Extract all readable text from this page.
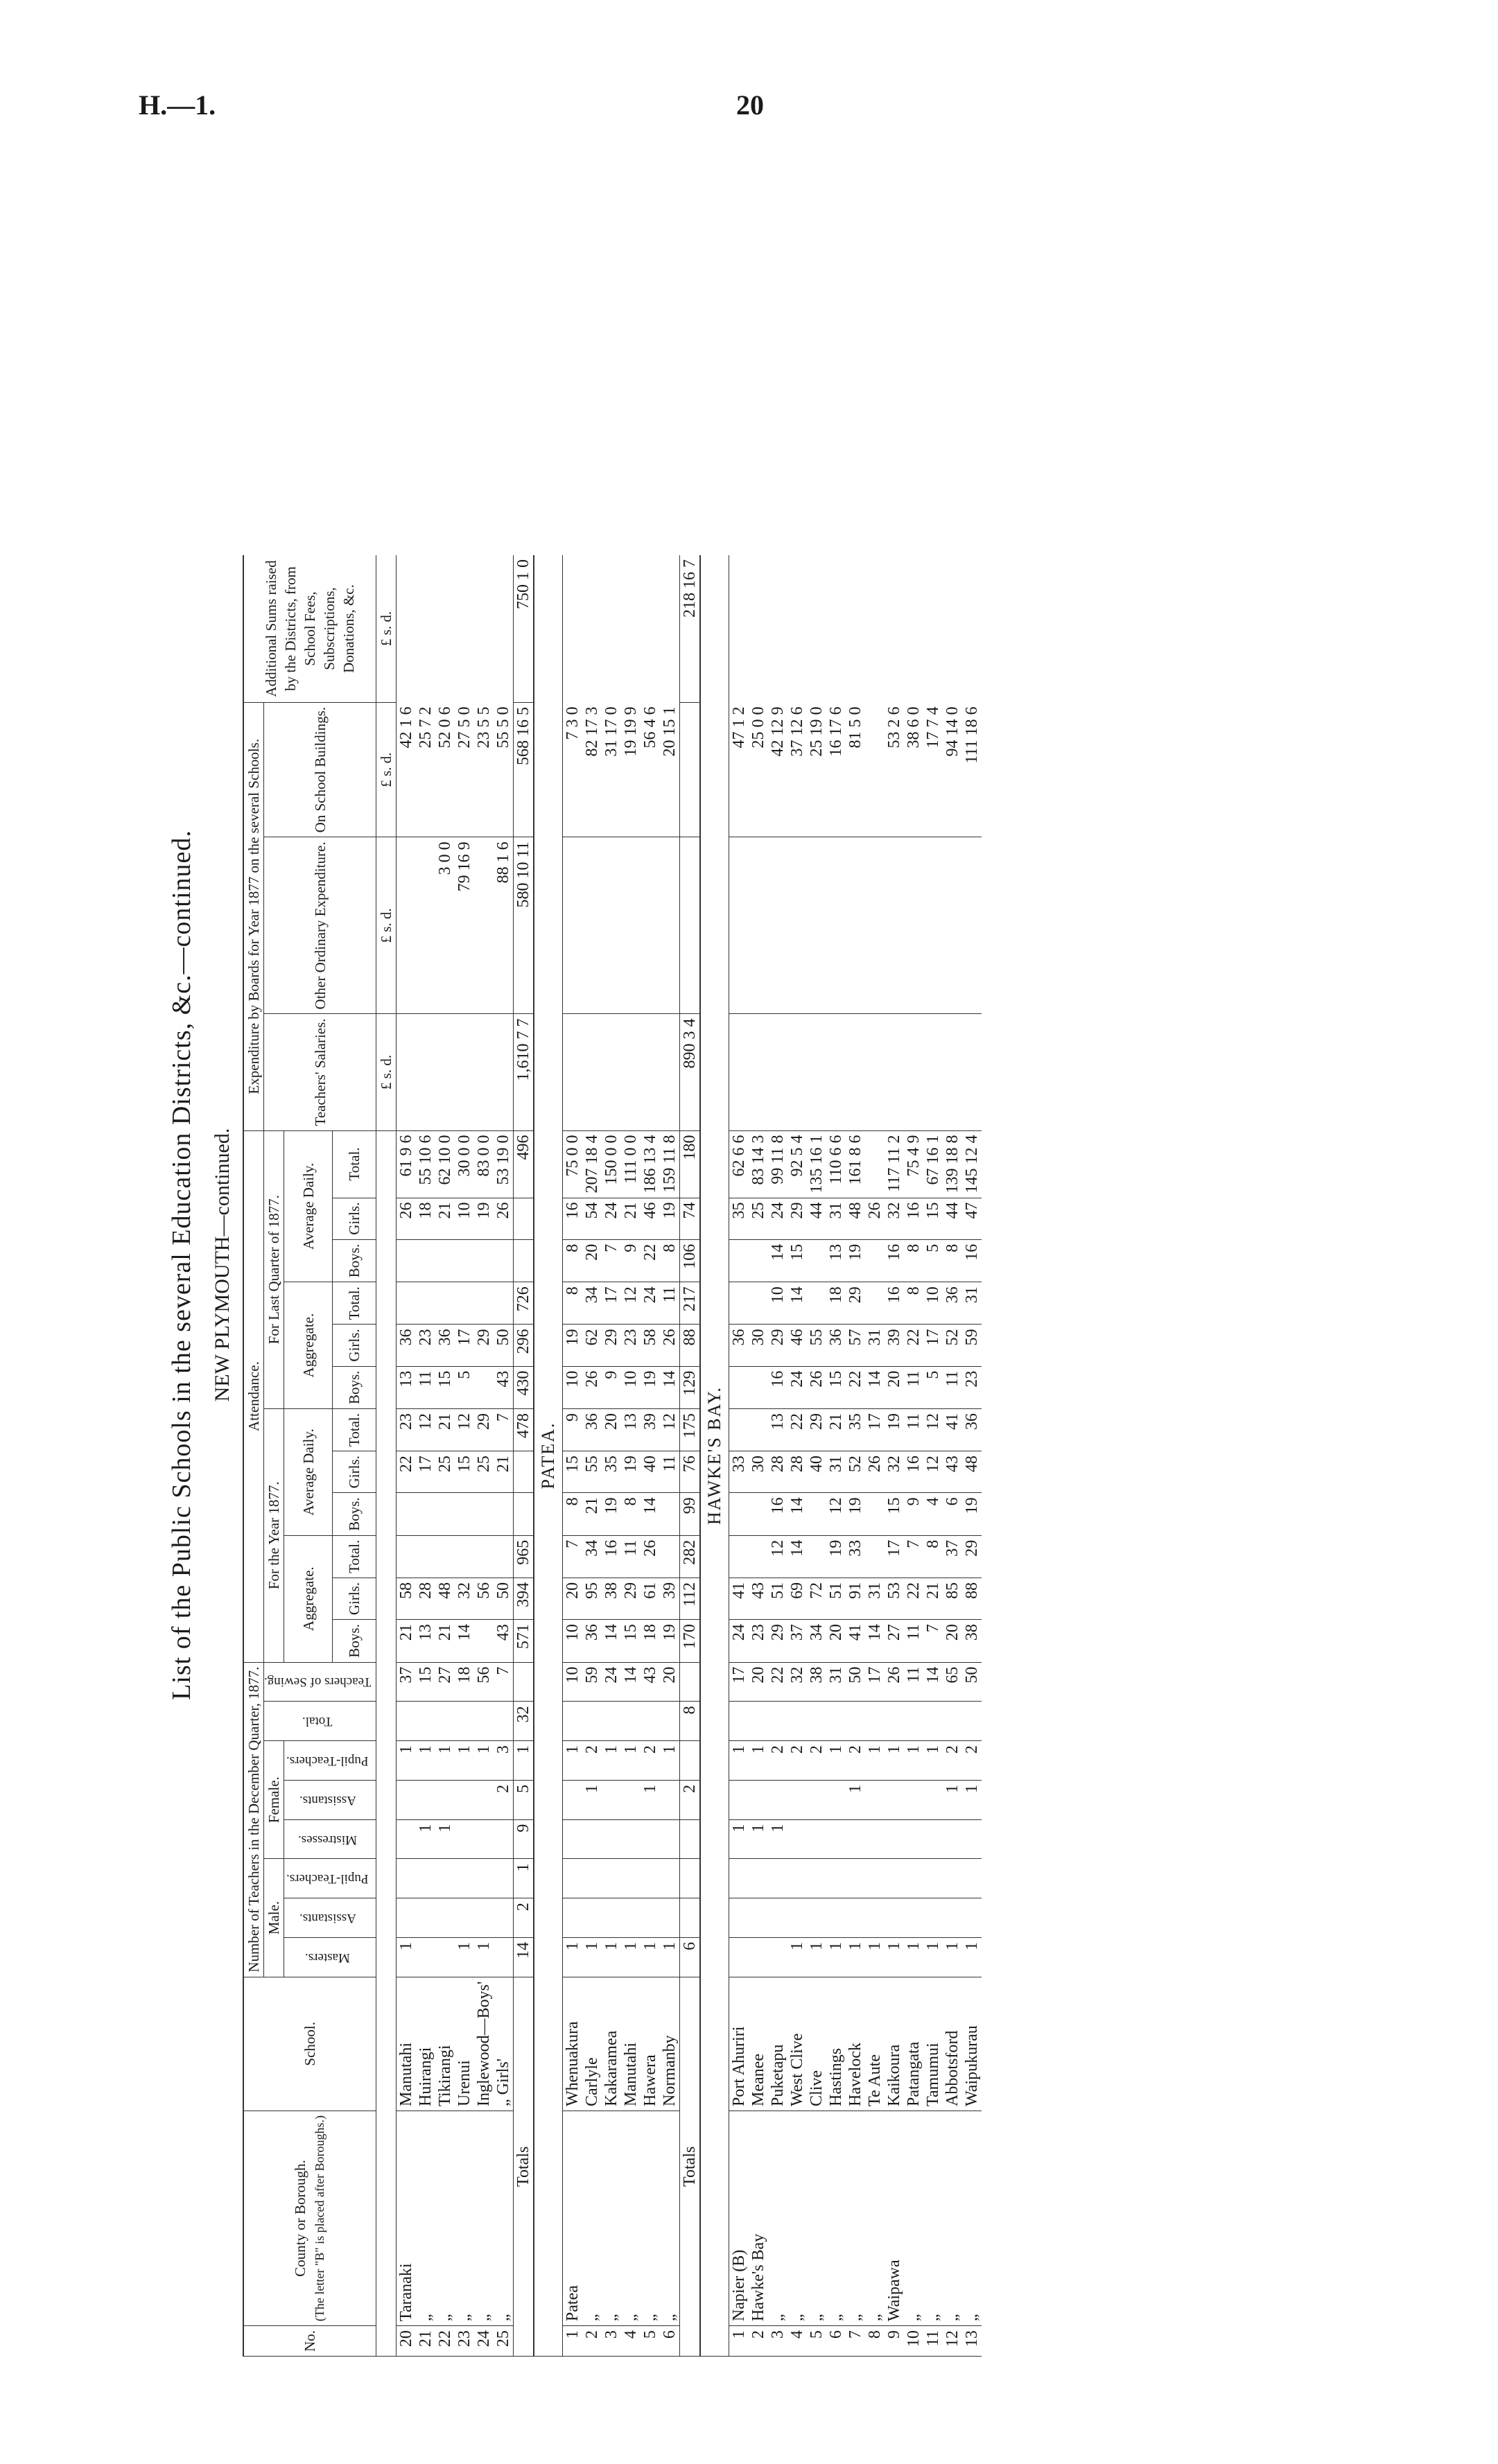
H.—1.	20
List of the Public Schools in the several Education Districts, &c.—continued. NEW PLYMOUTH—continued.
No.	County or Borough. (The letter "B" is placed after Boroughs.)	School.	Number of Teachers in the December Quarter, 1877.								Attendance.												Expenditure by Boards for Year 1877 on the several Schools.			Additional Sums raised by the Districts, from School Fees, Subscriptions, Donations, &c.
			Male.			Female.			Total.	Teachers of Sewing.	For the Year 1877.						For Last Quarter of 1877.						Teachers' Salaries.	Other Ordinary Expenditure.	On School Buildings.	
			Masters.	Assistants.	Pupil-Teachers.	Mistresses.	Assistants.	Pupil-Teachers.			Aggregate.			Average Daily.			Aggregate.			Average Daily.						
											Boys.	Girls.	Total.	Boys.	Girls.	Total.	Boys.	Girls.	Total.	Boys.	Girls.	Total.				
																							£ s. d.	£ s. d.	£ s. d.	£ s. d.
20	Taranaki	Manutahi	1					1		37	21	58			22	23	13	36			26	61 9 6			42 1 6	
21	„	Huirangi				1		1		15	13	28			17	12	11	23			18	55 10 6			25 7 2	
22	„	Tikirangi				1		1		27	21	48			25	21	15	36			21	62 10 0		3 0 0	52 0 6	
23	„	Urenui	1					1		18	14	32			15	12	5	17			10	30 0 0		79 16 9	27 5 0	
24	„	Inglewood—Boys'	1					1		56		56			25	29		29			19	83 0 0			23 5 5	
25	„	„ Girls'					2	3		7	43	50			21	7	43	50			26	53 19 0		88 1 6	55 5 0	
Totals			14	2	1	9	5	1	32		571	394	965			478	430	296	726			496	1,610 7 7	580 10 11	568 16 5	750 1 0
PATEA.																										
1	Patea	Whenuakura	1					1		10	10	20	7	8	15	9	10	19	8	8	16	75 0 0			7 3 0	
2	„	Carlyle	1				1	2		59	36	95	34	21	55	36	26	62	34	20	54	207 18 4			82 17 3	
3	„	Kakaramea	1					1		24	14	38	16	19	35	20	9	29	17	7	24	150 0 0			31 17 0	
4	„	Manutahi	1					1		14	15	29	11	8	19	13	10	23	12	9	21	111 0 0			19 19 9	
5	„	Hawera	1				1	2		43	18	61	26	14	40	39	19	58	24	22	46	186 13 4			56 4 6	
6	„	Normanby	1					1		20	19	39			11	12	14	26	11	8	19	159 11 8			20 15 1	
Totals			6				2		8		170	112	282	99	76	175	129	88	217	106	74	180	890 3 4			218 16 7
HAWKE'S BAY.																										
1	Napier (B)	Port Ahuriri				1		1		17	24	41			33			36			35	62 6 6			47 1 2	
2	Hawke's Bay	Meanee				1		1		20	23	43			30			30			25	83 14 3			25 0 0	
3	„	Puketapu				1		2		22	29	51	12	16	28	13	16	29	10	14	24	99 11 8			42 12 9	
4	„	West Clive	1					2		32	37	69	14	14	28	22	24	46	14	15	29	92 5 4			37 12 6	
5	„	Clive	1					2		38	34	72			40	29	26	55			44	135 16 1			25 19 0	
6	„	Hastings	1					1		31	20	51	19	12	31	21	15	36	18	13	31	110 6 6			16 17 6	
7	„	Havelock	1				1	2		50	41	91	33	19	52	35	22	57	29	19	48	161 8 6			81 5 0	
8	„	Te Aute	1					1		17	14	31			26	17	14	31			26					
9	Waipawa	Kaikoura	1					1		26	27	53	17	15	32	19	20	39	16	16	32	117 11 2			53 2 6	
10	„	Patangata	1					1		11	11	22	7	9	16	11	11	22	8	8	16	75 4 9			38 6 0	
11	„	Tamumui	1					1		14	7	21	8	4	12	12	5	17	10	5	15	67 16 1			17 7 4	
12	„	Abbotsford	1				1	2		65	20	85	37	6	43	41	11	52	36	8	44	139 18 8			94 14 0	
13	„	Waipukurau	1				1	2		50	38	88	29	19	48	36	23	59	31	16	47	145 12 4			111 18 6	
